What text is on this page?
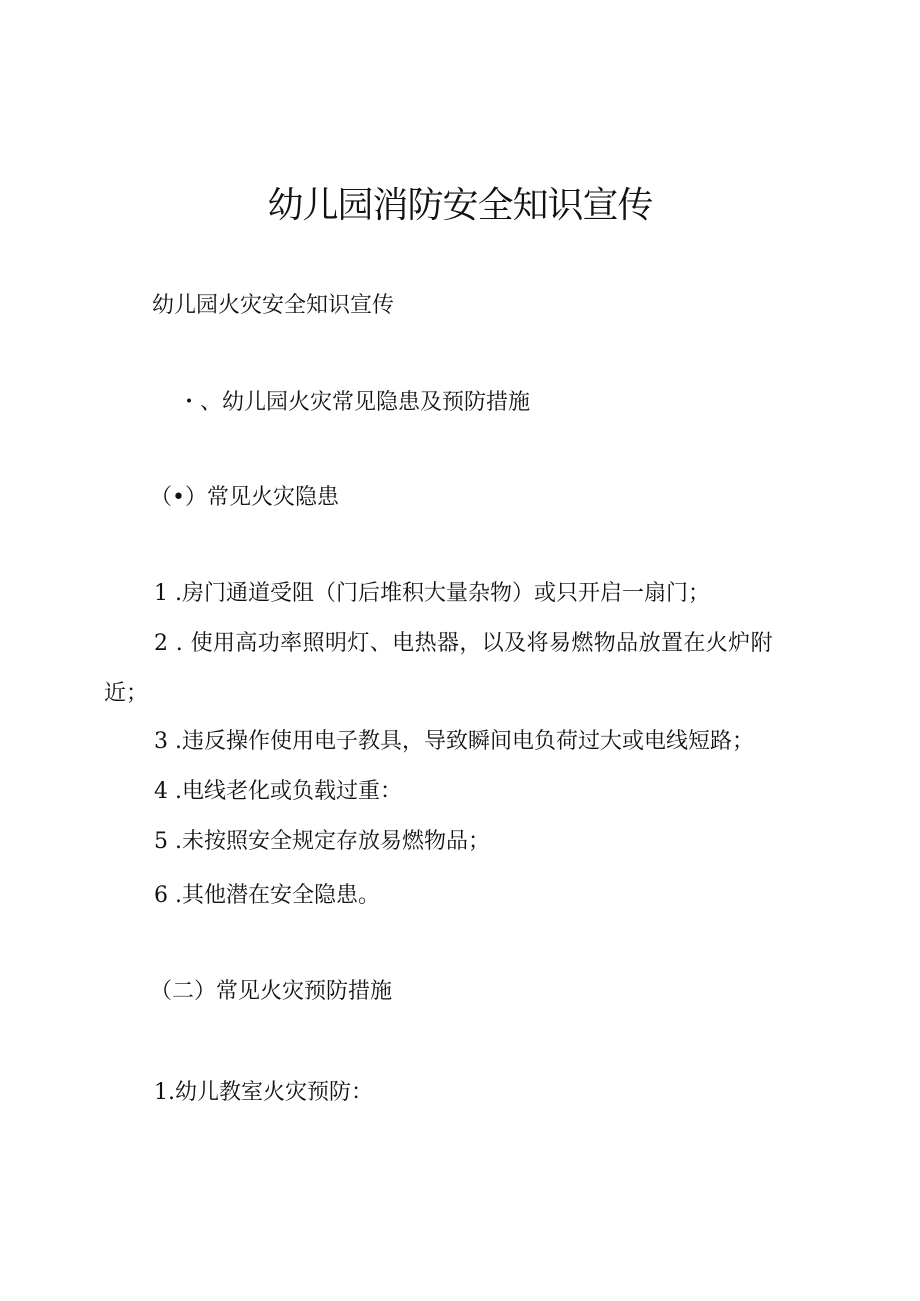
幼儿园消防安全知识宣传

幼儿园火灾安全知识宣传

・、幼儿园火灾常见隐患及预防措施

（•）常见火灾隐患

1 .房门通道受阻（门后堆积大量杂物）或只开启一扇门；

2 . 使用高功率照明灯、电热器，以及将易燃物品放置在火炉附

近；

3 .违反操作使用电子教具，导致瞬间电负荷过大或电线短路；

4 .电线老化或负载过重：

5 .未按照安全规定存放易燃物品；

6 .其他潜在安全隐患。

（二）常见火灾预防措施

1.幼儿教室火灾预防：
